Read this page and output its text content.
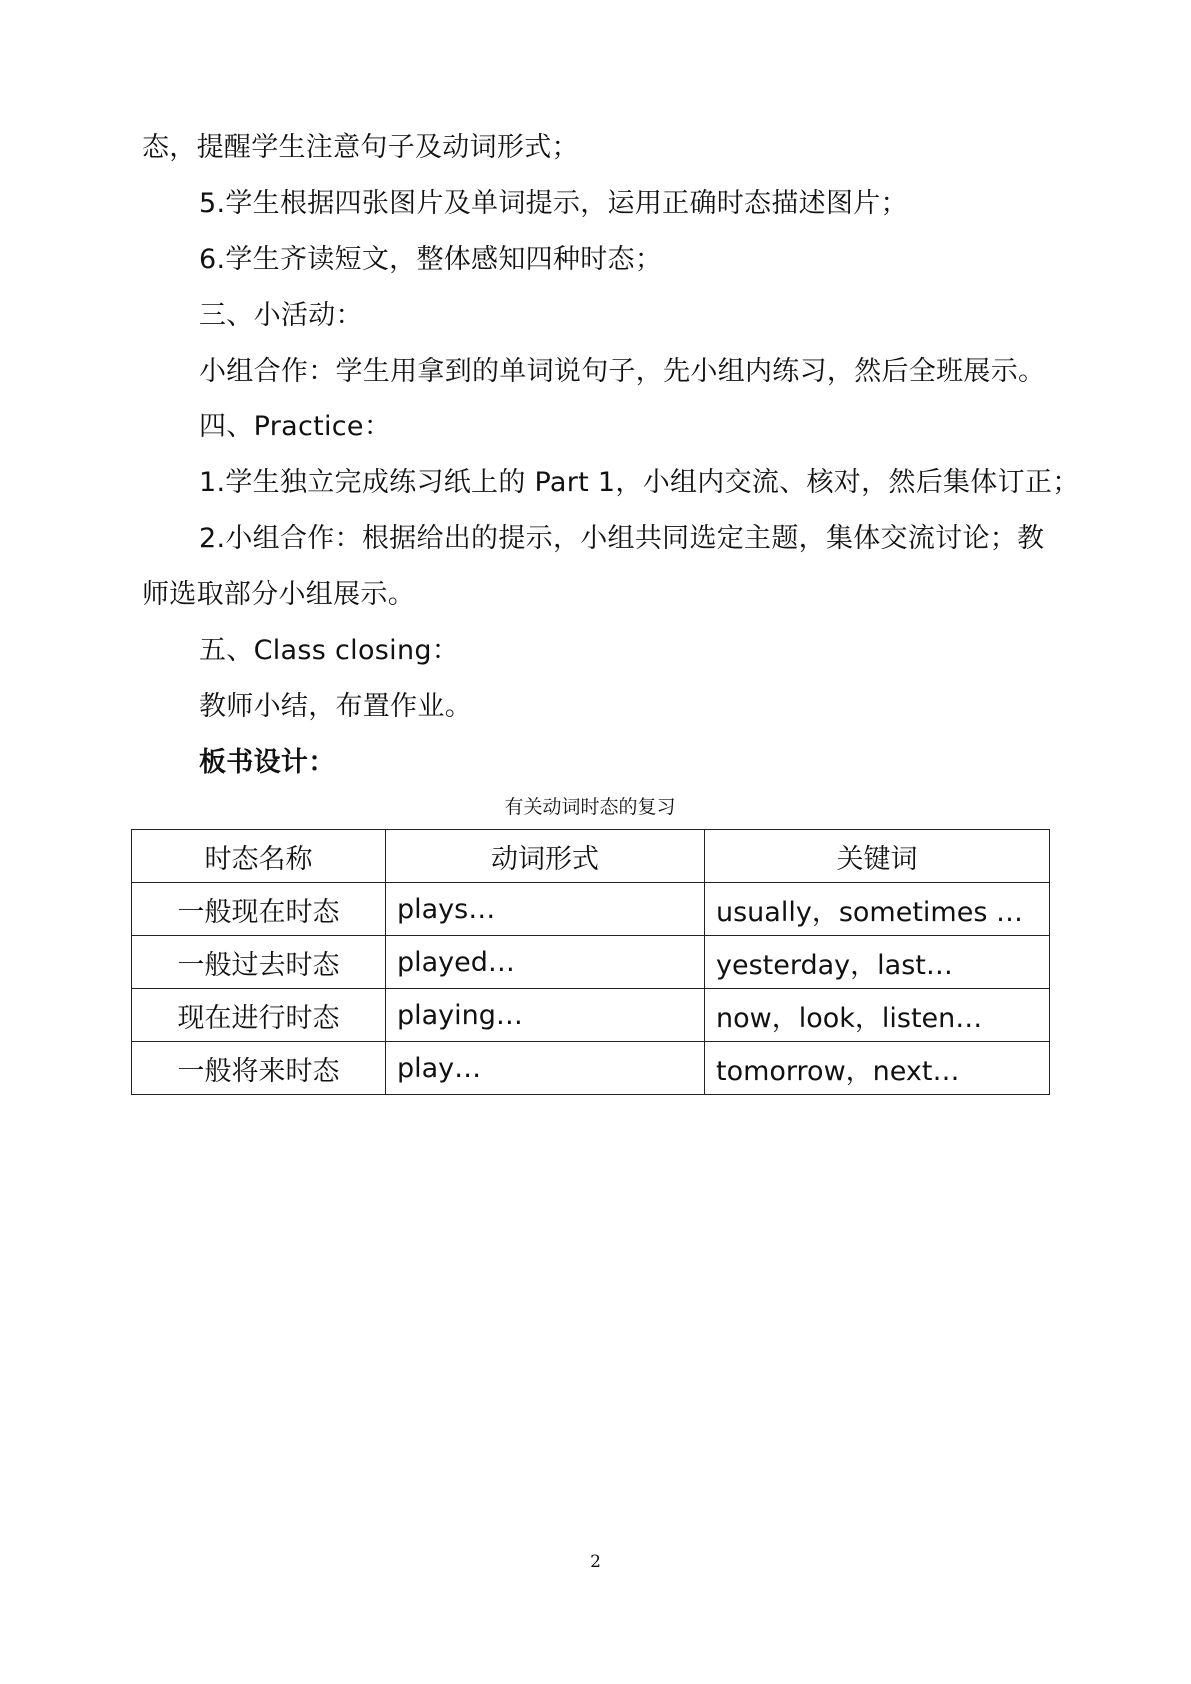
态，提醒学生注意句子及动词形式；
5.学生根据四张图片及单词提示，运用正确时态描述图片；
6.学生齐读短文，整体感知四种时态；
三、小活动：
小组合作：学生用拿到的单词说句子，先小组内练习，然后全班展示。
四、Practice：
1.学生独立完成练习纸上的 Part 1，小组内交流、核对，然后集体订正；
2.小组合作：根据给出的提示，小组共同选定主题，集体交流讨论；教
师选取部分小组展示。
五、Class closing：
教师小结，布置作业。
板书设计：
有关动词时态的复习
时态名称	动词形式	关键词
一般现在时态	plays…	usually，sometimes …
一般过去时态	played…	yesterday，last…
现在进行时态	playing…	now，look，listen…
一般将来时态	play…	tomorrow，next…
2
